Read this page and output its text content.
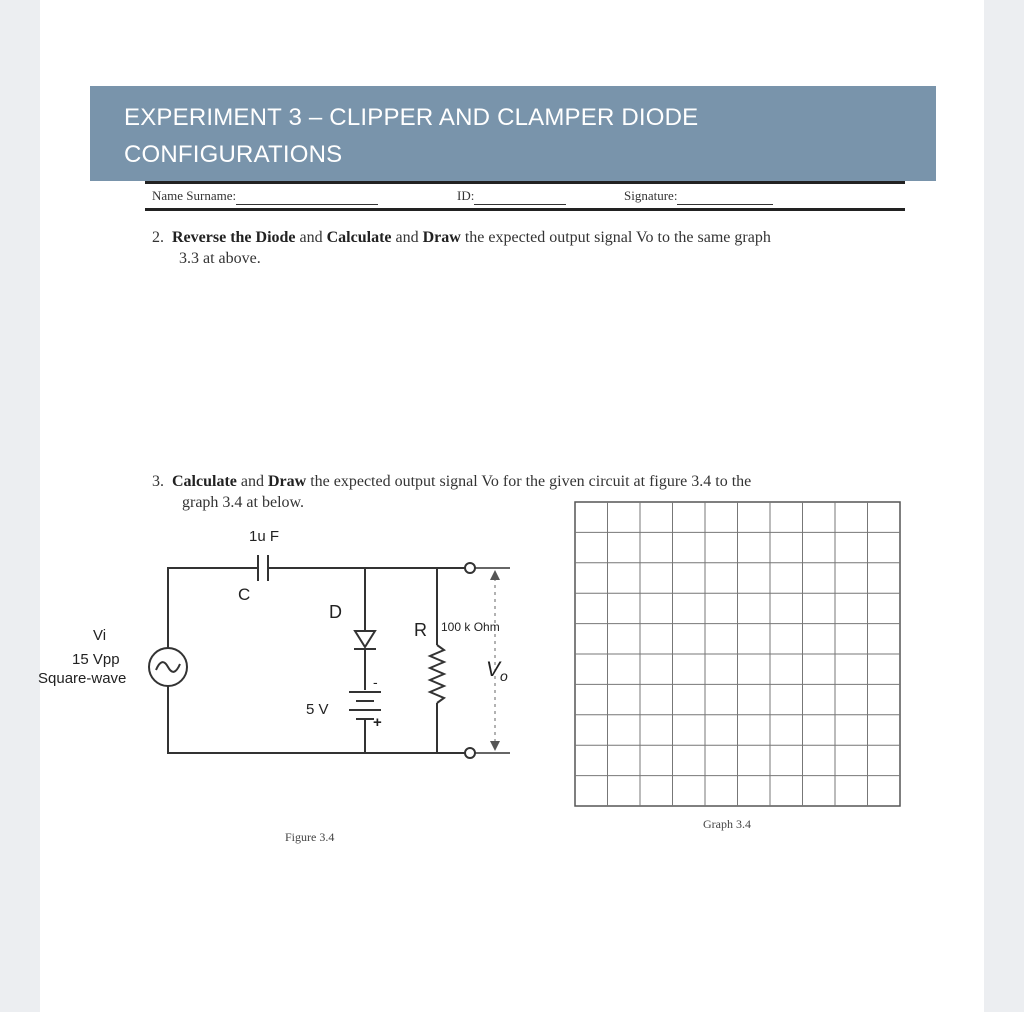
EXPERIMENT 3 – CLIPPER AND CLAMPER DIODE
CONFIGURATIONS
Name Surname:	ID:	Signature:
2. Reverse the Diode and Calculate and Draw the expected output signal Vo to the same graph
3.3 at above.
3. Calculate and Draw the expected output signal Vo for the given circuit at figure 3.4 to the
graph 3.4 at below.
1u F
C
D
R 100 k Ohm
Vi
15 Vpp
Square-wave
5 V
-
+
$V_o$
Figure 3.4
Graph 3.4
